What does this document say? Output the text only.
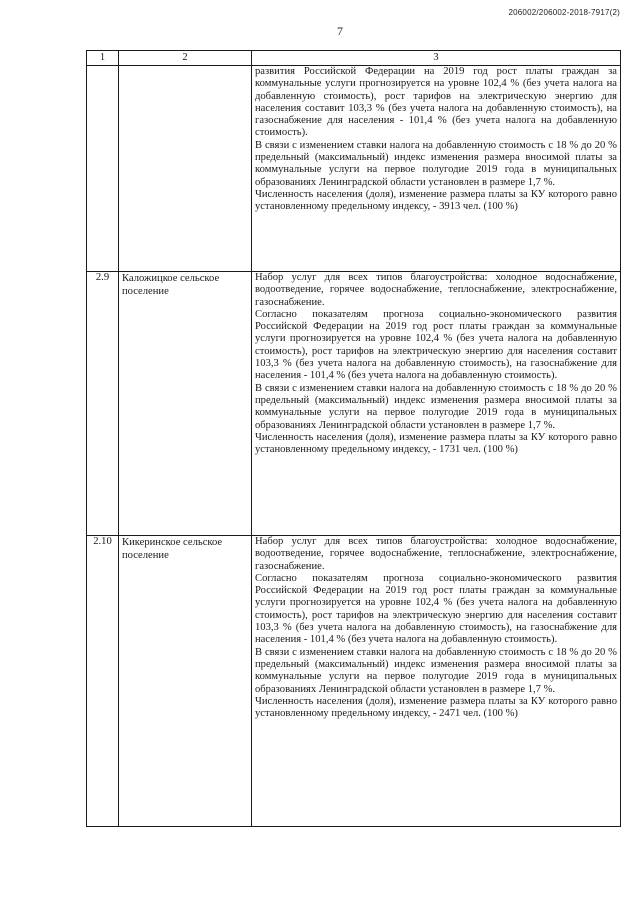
206002/206002-2018-7917(2)
7
1	2	3

		развития Российской Федерации на 2019 год рост платы граждан за коммунальные услуги прогнозируется на уровне 102,4 % (без учета налога на добавленную стоимость), рост тарифов на электрическую энергию для населения составит 103,3 % (без учета налога на добавленную стоимость), на газоснабжение для населения - 101,4 % (без учета налога на добавленную стоимость).

В связи с изменением ставки налога на добавленную стоимость с 18 % до 20 % предельный (максимальный) индекс изменения размера вносимой платы за коммунальные услуги на первое полугодие 2019 года в муниципальных образованиях Ленинградской области установлен в размере 1,7 %.

Численность населения (доля), изменение размера платы за КУ которого равно установленному предельному индексу, - 3913 чел. (100 %)

2.9	Каложицкое сельское поселение	Набор услуг для всех типов благоустройства: холодное водоснабжение, водоотведение, горячее водоснабжение, теплоснабжение, электроснабжение, газоснабжение.

Согласно показателям прогноза социально-экономического развития Российской Федерации на 2019 год рост платы граждан за коммунальные услуги прогнозируется на уровне 102,4 % (без учета налога на добавленную стоимость), рост тарифов на электрическую энергию для населения составит 103,3 % (без учета налога на добавленную стоимость), на газоснабжение для населения - 101,4 % (без учета налога на добавленную стоимость).

В связи с изменением ставки налога на добавленную стоимость с 18 % до 20 % предельный (максимальный) индекс изменения размера вносимой платы за коммунальные услуги на первое полугодие 2019 года в муниципальных образованиях Ленинградской области установлен в размере 1,7 %.

Численность населения (доля), изменение размера платы за КУ которого равно установленному предельному индексу, - 1731 чел. (100 %)

2.10	Кикеринское сельское поселение	Набор услуг для всех типов благоустройства: холодное водоснабжение, водоотведение, горячее водоснабжение, теплоснабжение, электроснабжение, газоснабжение.

Согласно показателям прогноза социально-экономического развития Российской Федерации на 2019 год рост платы граждан за коммунальные услуги прогнозируется на уровне 102,4 % (без учета налога на добавленную стоимость), рост тарифов на электрическую энергию для населения составит 103,3 % (без учета налога на добавленную стоимость), на газоснабжение для населения - 101,4 % (без учета налога на добавленную стоимость).

В связи с изменением ставки налога на добавленную стоимость с 18 % до 20 % предельный (максимальный) индекс изменения размера вносимой платы за коммунальные услуги на первое полугодие 2019 года в муниципальных образованиях Ленинградской области установлен в размере 1,7 %.

Численность населения (доля), изменение размера платы за КУ которого равно установленному предельному индексу, - 2471 чел. (100 %)
